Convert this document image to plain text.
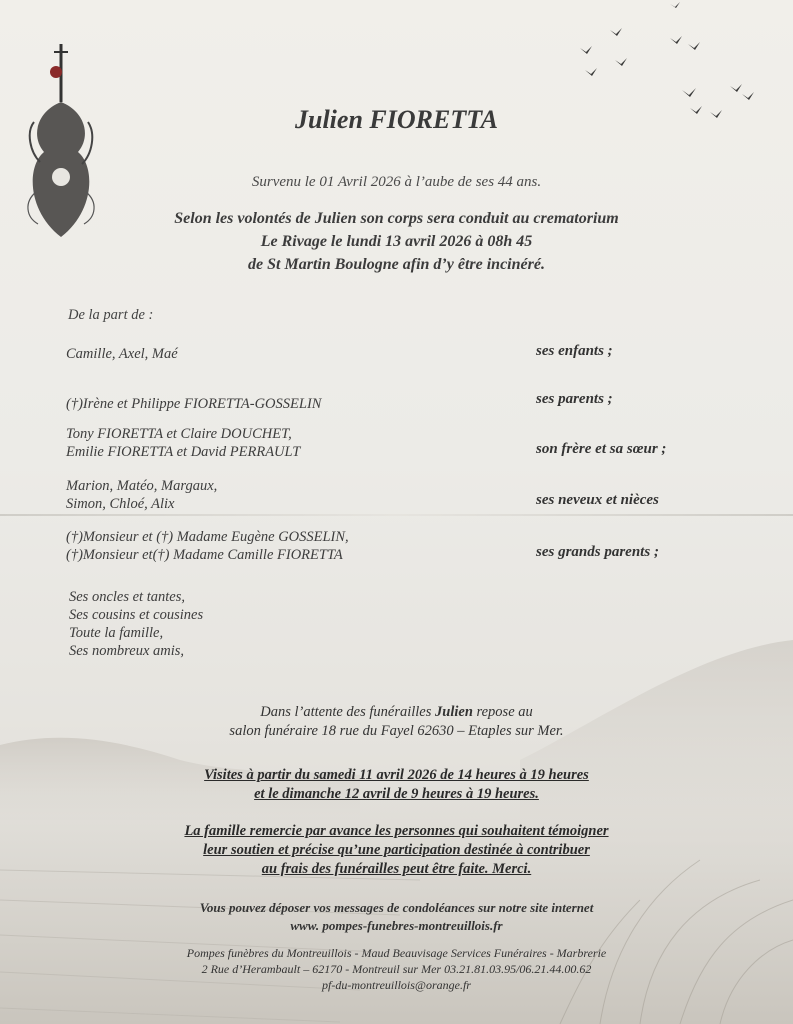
Julien FIORETTA
Survenu le 01 Avril 2026 à l’aube de ses 44 ans.
Selon les volontés de Julien son corps sera conduit au crematorium
Le Rivage le lundi 13 avril 2026 à 08h 45
de St Martin Boulogne afin d’y être incinéré.
De la part de :
Camille, Axel, Maé	ses enfants ;
(†)Irène et Philippe FIORETTA-GOSSELIN	ses parents ;
Tony FIORETTA et Claire DOUCHET,
Emilie FIORETTA et David PERRAULT	son frère et sa sœur ;
Marion, Matéo, Margaux,
Simon, Chloé, Alix	ses neveux et nièces
(†)Monsieur et (†) Madame Eugène GOSSELIN,
(†)Monsieur et(†) Madame Camille FIORETTA	ses grands parents ;
Ses oncles et tantes,
Ses cousins et cousines
Toute la famille,
Ses nombreux amis,
Dans l’attente des funérailles Julien repose au
salon funéraire 18 rue du Fayel 62630 – Etaples sur Mer.
Visites à partir du samedi 11 avril 2026 de 14 heures à 19 heures
et le dimanche 12 avril de 9 heures à 19 heures.
La famille remercie par avance les personnes qui souhaitent témoigner
leur soutien et précise qu’une participation destinée à contribuer
au frais des funérailles peut être faite. Merci.
Vous pouvez déposer vos messages de condoléances sur notre site internet
www. pompes-funebres-montreuillois.fr
Pompes funèbres du Montreuillois - Maud Beauvisage Services Funéraires - Marbrerie
2 Rue d’Herambault – 62170 - Montreuil sur Mer 03.21.81.03.95/06.21.44.00.62
pf-du-montreuillois@orange.fr
